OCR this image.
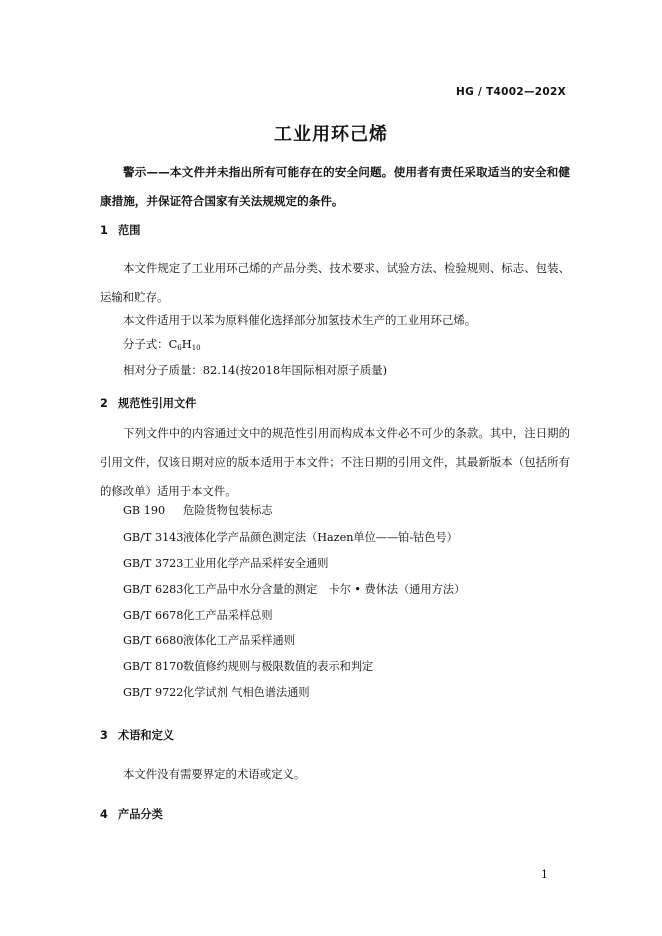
HG / T4002—202X
工业用环己烯
警示——本文件并未指出所有可能存在的安全问题。使用者有责任采取适当的安全和健康措施，并保证符合国家有关法规规定的条件。
1 范围
本文件规定了工业用环己烯的产品分类、技术要求、试验方法、检验规则、标志、包装、运输和贮存。
本文件适用于以苯为原料催化选择部分加氢技术生产的工业用环己烯。
分子式：$C_6H_{10}$
相对分子质量：82.14(按2018年国际相对原子质量)
2 规范性引用文件
下列文件中的内容通过文中的规范性引用而构成本文件必不可少的条款。其中，注日期的引用文件，仅该日期对应的版本适用于本文件；不注日期的引用文件，其最新版本（包括所有的修改单）适用于本文件。
GB 190 危险货物包装标志
GB/T 3143液体化学产品颜色测定法（Hazen单位——铂-钴色号）
GB/T 3723工业用化学产品采样安全通则
GB/T 6283化工产品中水分含量的测定　卡尔 • 费休法（通用方法）
GB/T 6678化工产品采样总则
GB/T 6680液体化工产品采样通则
GB/T 8170数值修约规则与极限数值的表示和判定
GB/T 9722化学试剂 气相色谱法通则
3 术语和定义
本文件没有需要界定的术语或定义。
4 产品分类
1
